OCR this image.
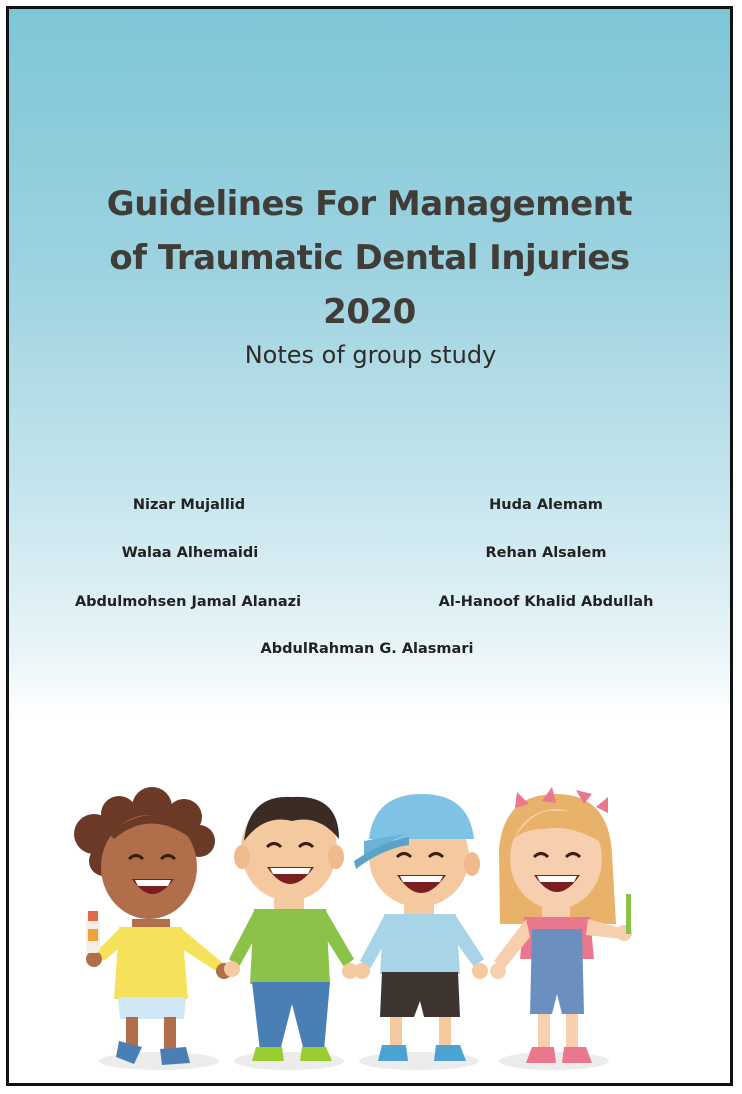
Guidelines For Management
of Traumatic Dental Injuries
2020
Notes of group study
Nizar Mujallid
Walaa Alhemaidi
Abdulmohsen Jamal Alanazi
Huda Alemam
Rehan Alsalem
Al-Hanoof Khalid Abdullah
AbdulRahman G. Alasmari
